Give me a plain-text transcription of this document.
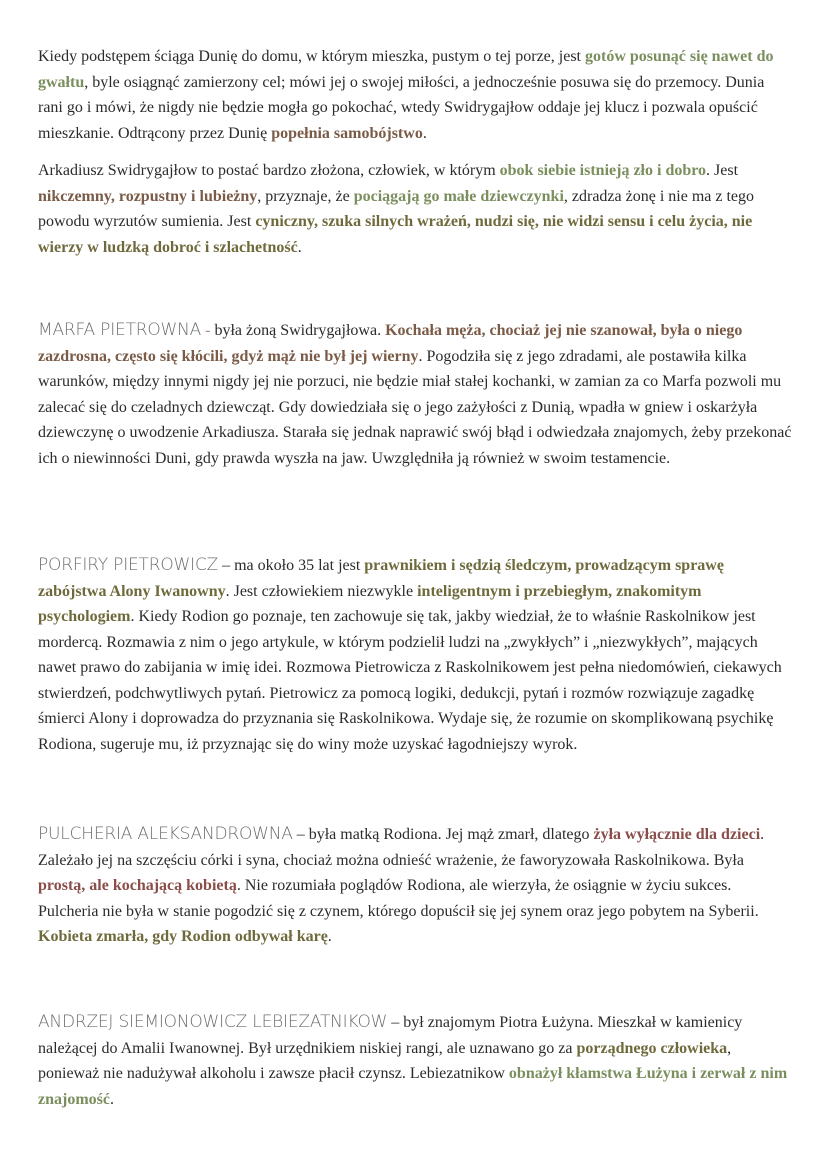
Kiedy podstępem ściąga Dunię do domu, w którym mieszka, pustym o tej porze, jest gotów posunąć się nawet do gwałtu, byle osiągnąć zamierzony cel; mówi jej o swojej miłości, a jednocześnie posuwa się do przemocy. Dunia rani go i mówi, że nigdy nie będzie mogła go pokochać, wtedy Swidrygajłow oddaje jej klucz i pozwala opuścić mieszkanie. Odtrącony przez Dunię popełnia samobójstwo.

Arkadiusz Swidrygajłow to postać bardzo złożona, człowiek, w którym obok siebie istnieją zło i dobro. Jest nikczemny, rozpustny i lubieżny, przyznaje, że pociągają go małe dziewczynki, zdradza żonę i nie ma z tego powodu wyrzutów sumienia. Jest cyniczny, szuka silnych wrażeń, nudzi się, nie widzi sensu i celu życia, nie wierzy w ludzką dobroć i szlachetność.

MARFA PIETROWNA - była żoną Swidrygajłowa. Kochała męża, chociaż jej nie szanował, była o niego zazdrosna, często się kłócili, gdyż mąż nie był jej wierny. Pogodziła się z jego zdradami, ale postawiła kilka warunków, między innymi nigdy jej nie porzuci, nie będzie miał stałej kochanki, w zamian za co Marfa pozwoli mu zalecać się do czeladnych dziewcząt. Gdy dowiedziała się o jego zażyłości z Dunią, wpadła w gniew i oskarżyła dziewczynę o uwodzenie Arkadiusza. Starała się jednak naprawić swój błąd i odwiedzała znajomych, żeby przekonać ich o niewinności Duni, gdy prawda wyszła na jaw. Uwzględniła ją również w swoim testamencie.

PORFIRY PIETROWICZ – ma około 35 lat jest prawnikiem i sędzią śledczym, prowadzącym sprawę zabójstwa Alony Iwanowny. Jest człowiekiem niezwykle inteligentnym i przebiegłym, znakomitym psychologiem. Kiedy Rodion go poznaje, ten zachowuje się tak, jakby wiedział, że to właśnie Raskolnikow jest mordercą. Rozmawia z nim o jego artykule, w którym podzielił ludzi na „zwykłych” i „niezwykłych”, mających nawet prawo do zabijania w imię idei. Rozmowa Pietrowicza z Raskolnikowem jest pełna niedomówień, ciekawych stwierdzeń, podchwytliwych pytań. Pietrowicz za pomocą logiki, dedukcji, pytań i rozmów rozwiązuje zagadkę śmierci Alony i doprowadza do przyznania się Raskolnikowa. Wydaje się, że rozumie on skomplikowaną psychikę Rodiona, sugeruje mu, iż przyznając się do winy może uzyskać łagodniejszy wyrok.

PULCHERIA ALEKSANDROWNA – była matką Rodiona. Jej mąż zmarł, dlatego żyła wyłącznie dla dzieci. Zależało jej na szczęściu córki i syna, chociaż można odnieść wrażenie, że faworyzowała Raskolnikowa. Była prostą, ale kochającą kobietą. Nie rozumiała poglądów Rodiona, ale wierzyła, że osiągnie w życiu sukces. Pulcheria nie była w stanie pogodzić się z czynem, którego dopuścił się jej synem oraz jego pobytem na Syberii. Kobieta zmarła, gdy Rodion odbywał karę.

ANDRZEJ SIEMIONOWICZ LEBIEZATNIKOW – był znajomym Piotra Łużyna. Mieszkał w kamienicy należącej do Amalii Iwanownej. Był urzędnikiem niskiej rangi, ale uznawano go za porządnego człowieka, ponieważ nie nadużywał alkoholu i zawsze płacił czynsz. Lebiezatnikow obnażył kłamstwa Łużyna i zerwał z nim znajomość.
